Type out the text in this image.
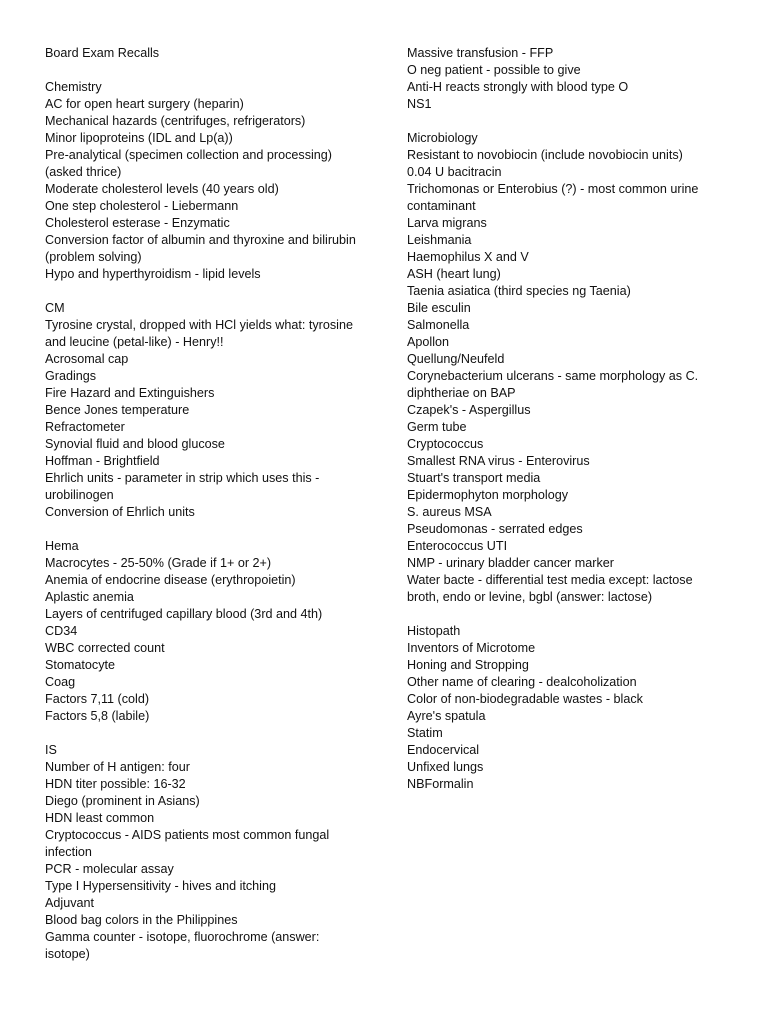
Board Exam Recalls
Chemistry
AC for open heart surgery (heparin)
Mechanical hazards (centrifuges, refrigerators)
Minor lipoproteins (IDL and Lp(a))
Pre-analytical (specimen collection and processing)
(asked thrice)
Moderate cholesterol levels (40 years old)
One step cholesterol - Liebermann
Cholesterol esterase - Enzymatic
Conversion factor of albumin and thyroxine and bilirubin
(problem solving)
Hypo and hyperthyroidism - lipid levels
CM
Tyrosine crystal, dropped with HCl yields what: tyrosine
and leucine (petal-like) - Henry!!
Acrosomal cap
Gradings
Fire Hazard and Extinguishers
Bence Jones temperature
Refractometer
Synovial fluid and blood glucose
Hoffman - Brightfield
Ehrlich units - parameter in strip which uses this -
urobilinogen
Conversion of Ehrlich units
Hema
Macrocytes - 25-50% (Grade if 1+ or 2+)
Anemia of endocrine disease (erythropoietin)
Aplastic anemia
Layers of centrifuged capillary blood (3rd and 4th)
CD34
WBC corrected count
Stomatocyte
Coag
Factors 7,11 (cold)
Factors 5,8 (labile)
IS
Number of H antigen: four
HDN titer possible: 16-32
Diego (prominent in Asians)
HDN least common
Cryptococcus - AIDS patients most common fungal
infection
PCR - molecular assay
Type I Hypersensitivity - hives and itching
Adjuvant
Blood bag colors in the Philippines
Gamma counter - isotope, fluorochrome (answer:
isotope)
Massive transfusion - FFP
O neg patient - possible to give
Anti-H reacts strongly with blood type O
NS1
Microbiology
Resistant to novobiocin (include novobiocin units)
0.04 U bacitracin
Trichomonas or Enterobius (?) - most common urine
contaminant
Larva migrans
Leishmania
Haemophilus X and V
ASH (heart lung)
Taenia asiatica (third species ng Taenia)
Bile esculin
Salmonella
Apollon
Quellung/Neufeld
Corynebacterium ulcerans - same morphology as C.
diphtheriae on BAP
Czapek's - Aspergillus
Germ tube
Cryptococcus
Smallest RNA virus - Enterovirus
Stuart's transport media
Epidermophyton morphology
S. aureus MSA
Pseudomonas - serrated edges
Enterococcus UTI
NMP - urinary bladder cancer marker
Water bacte - differential test media except: lactose
broth, endo or levine, bgbl (answer: lactose)
Histopath
Inventors of Microtome
Honing and Stropping
Other name of clearing - dealcoholization
Color of non-biodegradable wastes - black
Ayre's spatula
Statim
Endocervical
Unfixed lungs
NBFormalin
